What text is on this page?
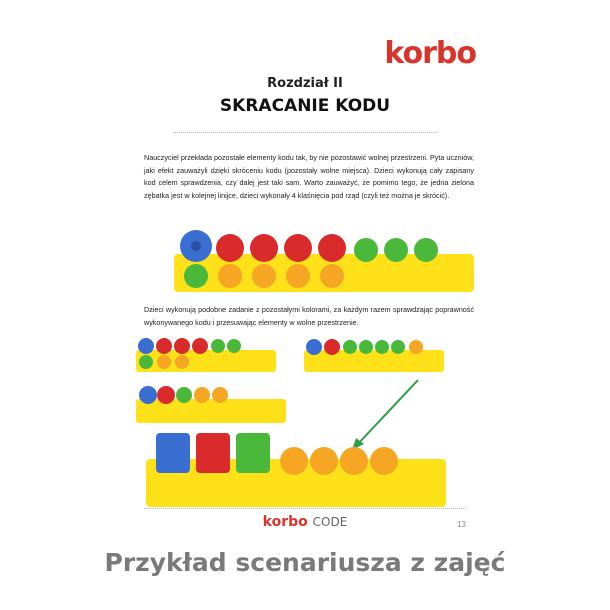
korbo
Rozdział II
SKRACANIE KODU
Nauczyciel przekłada pozostałe elementy kodu tak, by nie pozostawić wolnej przestrzeni. Pyta uczniów, jaki efekt zauważyli dzięki skróceniu kodu (pozostały wolne miejsca). Dzieci wykonują cały zapisany kod celem sprawdzenia, czy dalej jest taki sam. Warto zauważyć, że pomimo tego, że jedna zielona zębatka jest w kolejnej linijce, dzieci wykonały 4 klaśnięcia pod rząd (czyli też można je skrócić).
Dzieci wykonują podobne zadanie z pozostałymi kolorami, za każdym razem sprawdzając poprawność wykonywanego kodu i przesuwając elementy w wolne przestrzenie.
korbo CODE	13
Przykład scenariusza z zajęć
